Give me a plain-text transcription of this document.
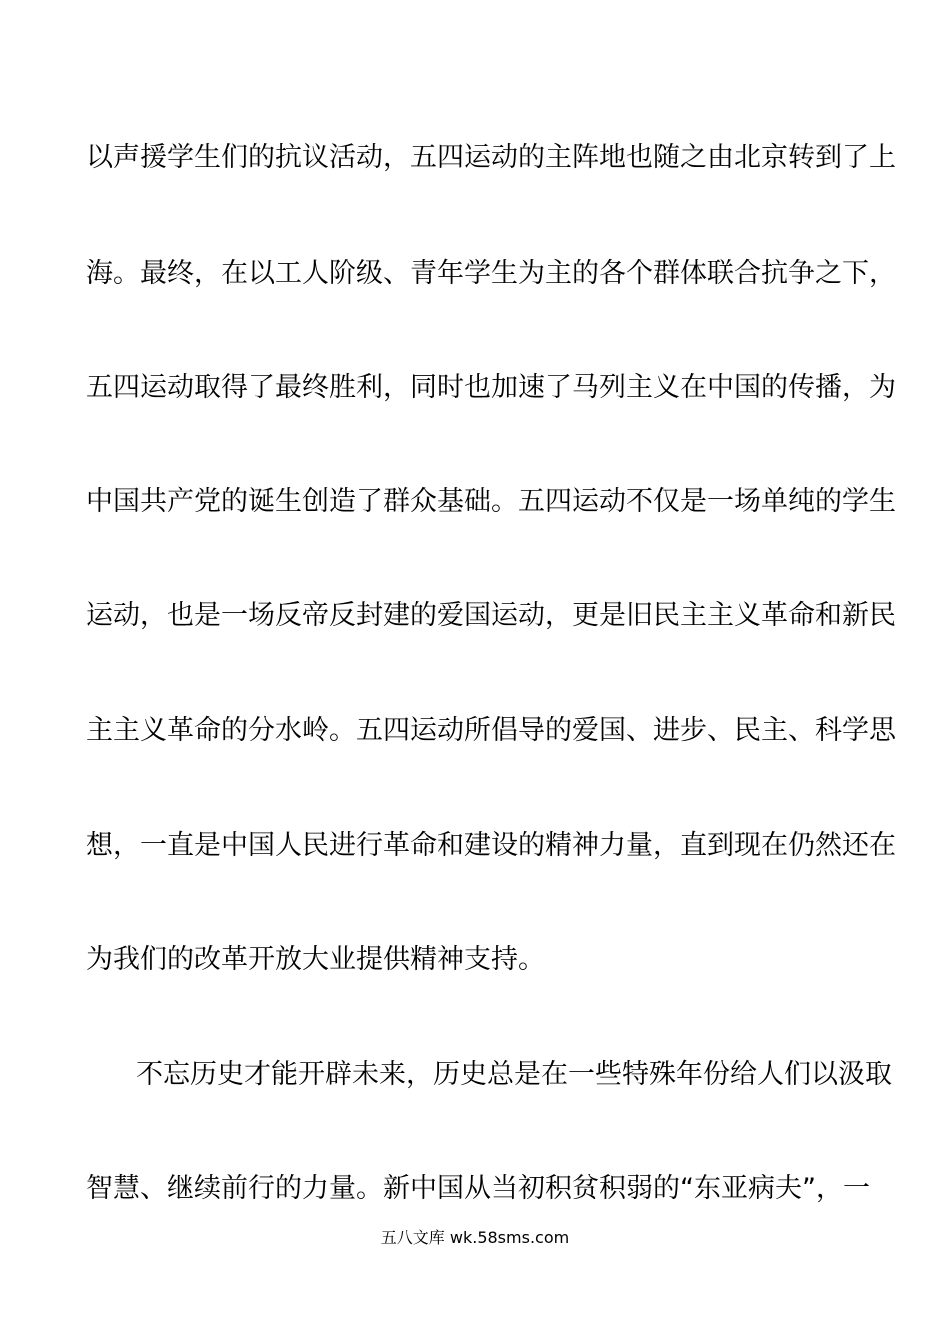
以声援学生们的抗议活动，五四运动的主阵地也随之由北京转到了上
海。最终，在以工人阶级、青年学生为主的各个群体联合抗争之下，
五四运动取得了最终胜利，同时也加速了马列主义在中国的传播，为
中国共产党的诞生创造了群众基础。五四运动不仅是一场单纯的学生
运动，也是一场反帝反封建的爱国运动，更是旧民主主义革命和新民
主主义革命的分水岭。五四运动所倡导的爱国、进步、民主、科学思
想，一直是中国人民进行革命和建设的精神力量，直到现在仍然还在
为我们的改革开放大业提供精神支持。
不忘历史才能开辟未来，历史总是在一些特殊年份给人们以汲取
智慧、继续前行的力量。新中国从当初积贫积弱的“东亚病夫”，一
五八文库 wk.58sms.com
